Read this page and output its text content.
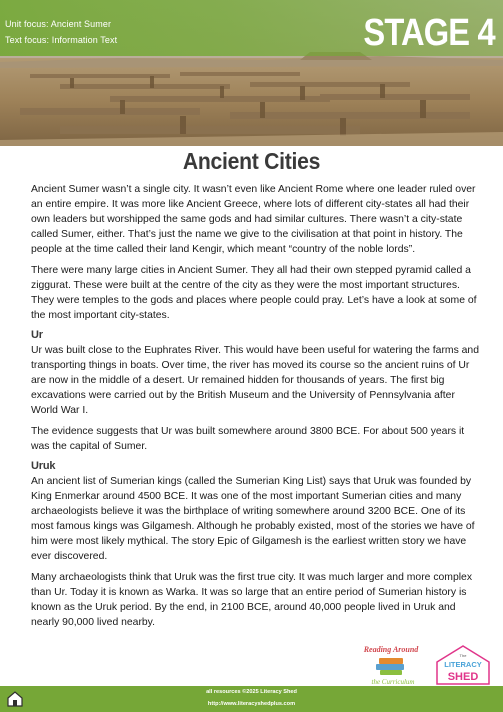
Unit focus: Ancient Sumer
Text focus: Information Text	STAGE 4
Ancient Cities

Ancient Sumer wasn’t a single city. It wasn’t even like Ancient Rome where one leader ruled over an entire empire. It was more like Ancient Greece, where lots of different city-states all had their own leaders but worshipped the same gods and had similar cultures. There wasn’t a city-state called Sumer, either. That’s just the name we give to the civilisation at that point in history. The people at the time called their land Kengir, which meant “country of the noble lords”.

There were many large cities in Ancient Sumer. They all had their own stepped pyramid called a ziggurat. These were built at the centre of the city as they were the most important structures. They were temples to the gods and places where people could pray. Let’s have a look at some of the most important city-states.

Ur

Ur was built close to the Euphrates River. This would have been useful for watering the farms and transporting things in boats. Over time, the river has moved its course so the ancient ruins of Ur are now in the middle of a desert. Ur remained hidden for thousands of years. The first big excavations were carried out by the British Museum and the University of Pennsylvania after World War I.

The evidence suggests that Ur was built somewhere around 3800 BCE. For about 500 years it was the capital of Sumer.

Uruk

An ancient list of Sumerian kings (called the Sumerian King List) says that Uruk was founded by King Enmerkar around 4500 BCE. It was one of the most important Sumerian cities and many archaeologists believe it was the birthplace of writing somewhere around 3200 BCE. One of its most famous kings was Gilgamesh. Although he probably existed, most of the stories we have of him were most likely mythical. The story Epic of Gilgamesh is the earliest written story we have ever discovered.

Many archaeologists think that Uruk was the first true city. It was much larger and more complex than Ur. Today it is known as Warka. It was so large that an entire period of Sumerian history is known as the Uruk period. By the end, in 2100 BCE, around 40,000 people lived in Uruk and nearly 90,000 lived nearby.

Reading Around
the Curriculum
The
LITERACY
SHED
all resources ©2025 Literacy Shed
http://www.literacyshedplus.com
